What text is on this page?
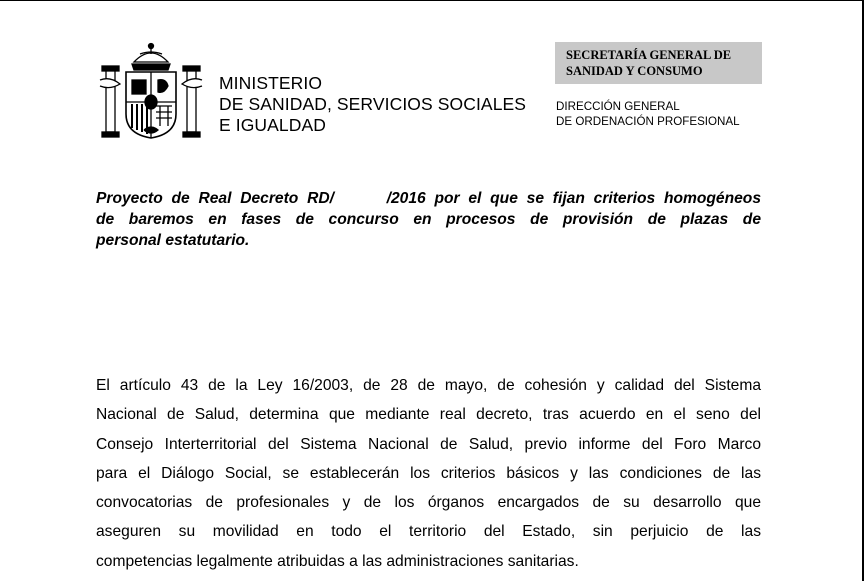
MINISTERIO
DE SANIDAD, SERVICIOS SOCIALES
E IGUALDAD
SECRETARÍA GENERAL DE
SANIDAD Y CONSUMO
DIRECCIÓN GENERAL
DE ORDENACIÓN PROFESIONAL
Proyecto de Real Decreto RD/      /2016 por el que se fijan criterios homogéneos
de baremos en fases de concurso en procesos de provisión de plazas de
personal estatutario.
El artículo 43 de la Ley 16/2003, de 28 de mayo, de cohesión y calidad del Sistema
Nacional de Salud, determina que mediante real decreto, tras acuerdo en el seno del
Consejo Interterritorial del Sistema Nacional de Salud, previo informe del Foro Marco
para el Diálogo Social, se establecerán los criterios básicos y las condiciones de las
convocatorias de profesionales y de los órganos encargados de su desarrollo que
aseguren su movilidad en todo el territorio del Estado, sin perjuicio de las
competencias legalmente atribuidas a las administraciones sanitarias.
